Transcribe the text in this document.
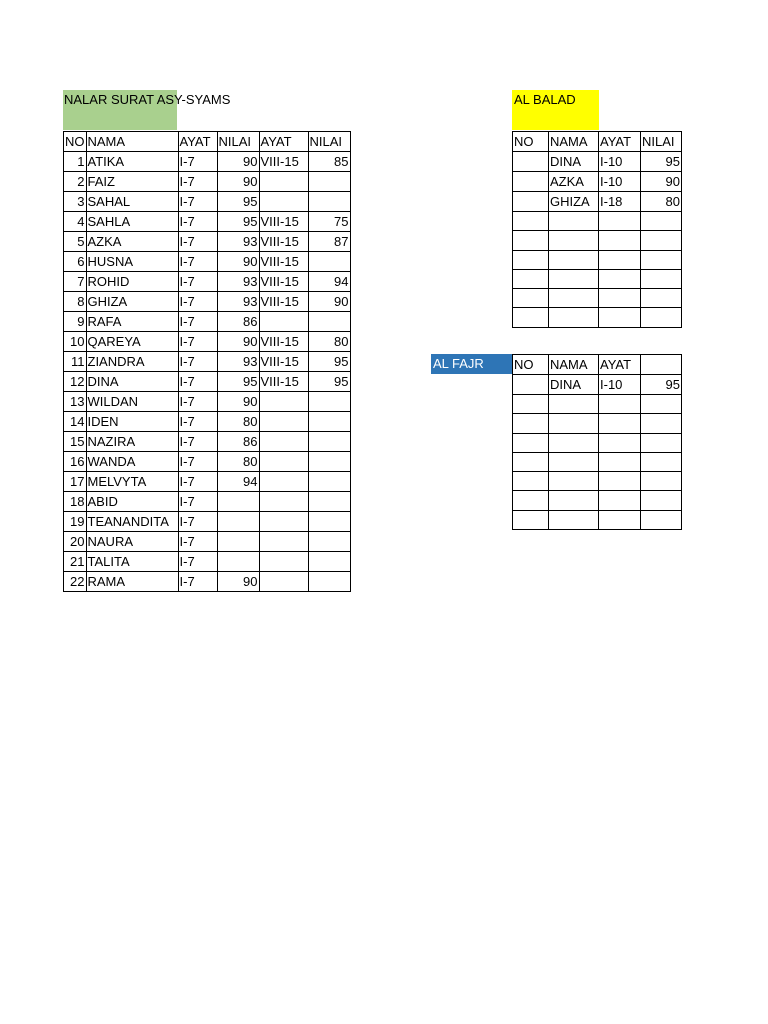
NALAR SURAT ASY-SYAMS	AL BALAD
AL FAJR
NO	NAMA	AYAT	NILAI	AYAT	NILAI
1	ATIKA	I-7	90	VIII-15	85
2	FAIZ	I-7	90		
3	SAHAL	I-7	95		
4	SAHLA	I-7	95	VIII-15	75
5	AZKA	I-7	93	VIII-15	87
6	HUSNA	I-7	90	VIII-15	
7	ROHID	I-7	93	VIII-15	94
8	GHIZA	I-7	93	VIII-15	90
9	RAFA	I-7	86		
10	QAREYA	I-7	90	VIII-15	80
11	ZIANDRA	I-7	93	VIII-15	95
12	DINA	I-7	95	VIII-15	95
13	WILDAN	I-7	90		
14	IDEN	I-7	80		
15	NAZIRA	I-7	86		
16	WANDA	I-7	80		
17	MELVYTA	I-7	94		
18	ABID	I-7			
19	TEANANDITA	I-7			
20	NAURA	I-7			
21	TALITA	I-7			
22	RAMA	I-7	90		
NO	NAMA	AYAT	NILAI
	DINA	I-10	95
	AZKA	I-10	90
	GHIZA	I-18	80

NO	NAMA	AYAT	
	DINA	I-10	95
